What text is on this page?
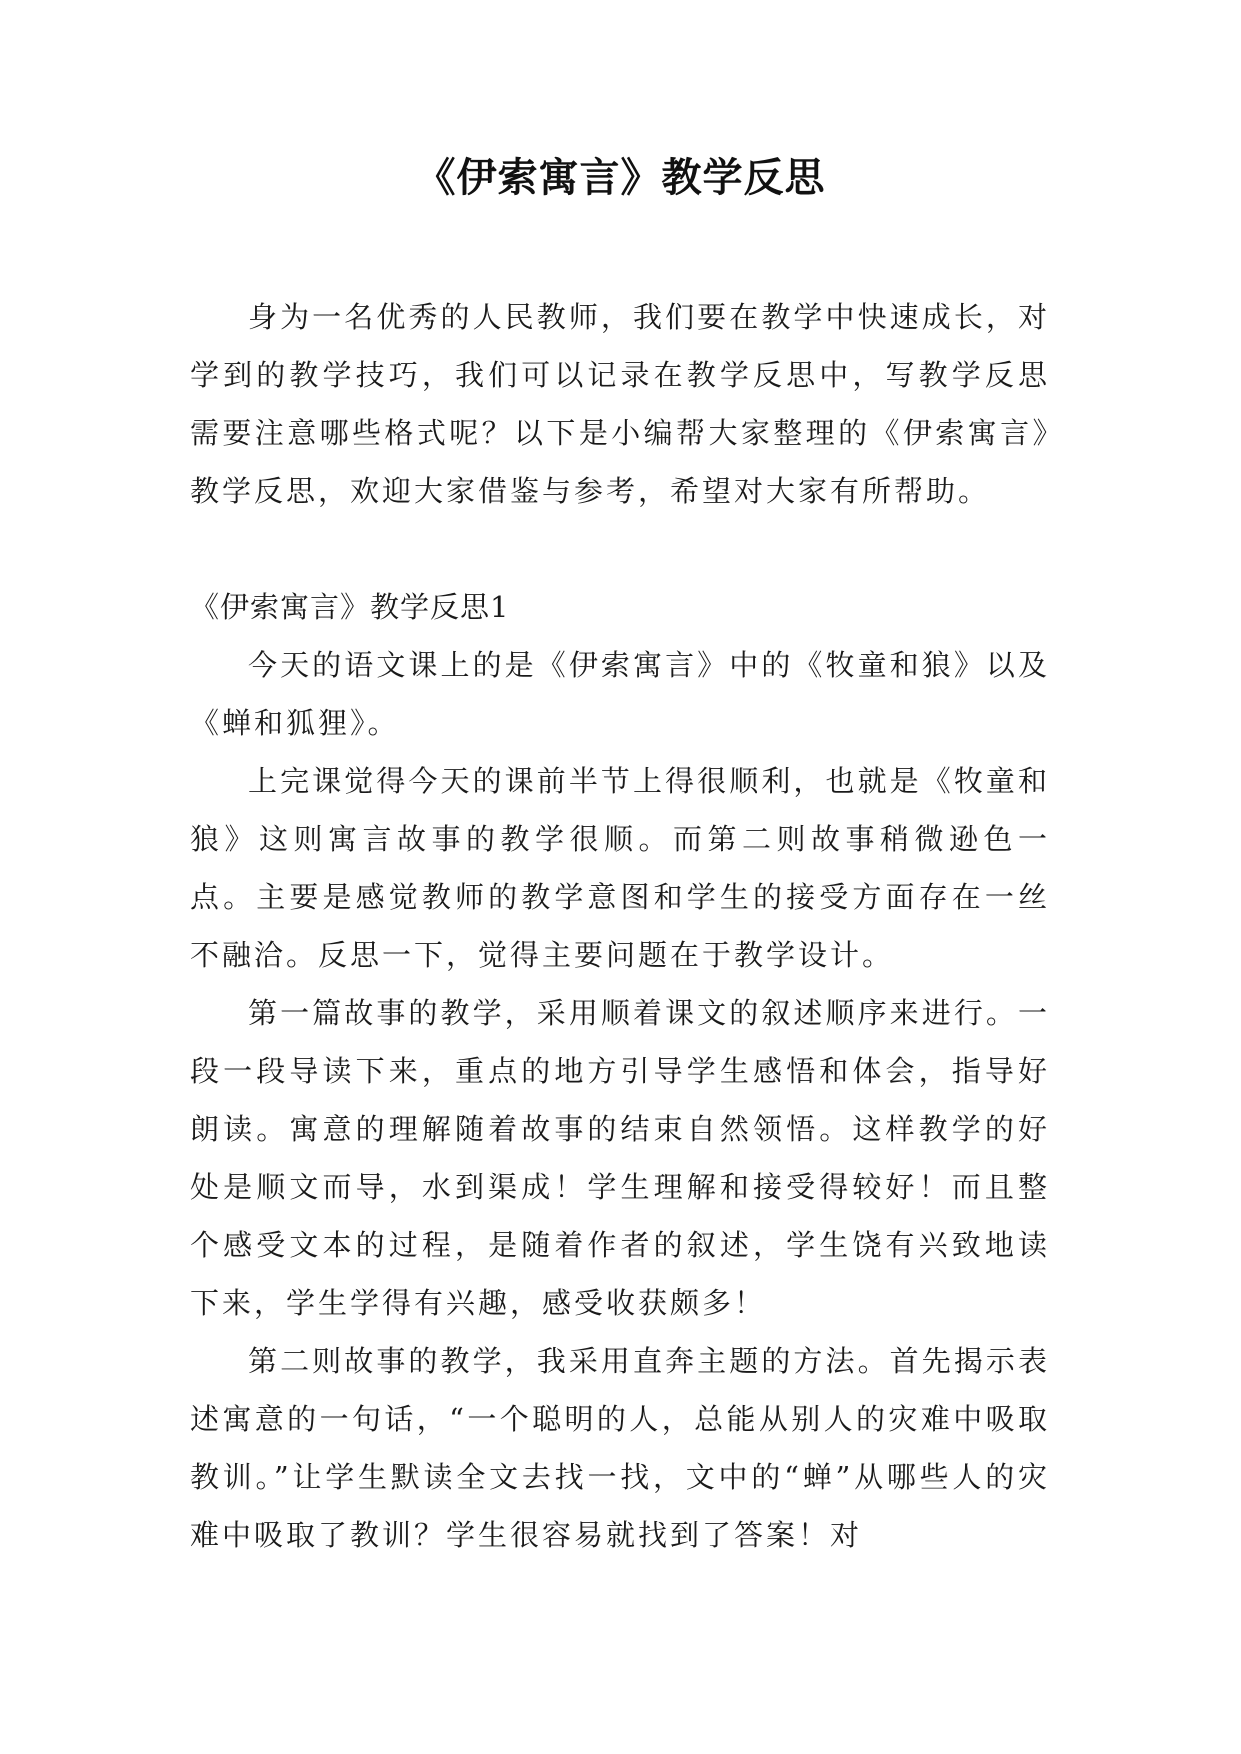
《伊索寓言》教学反思

身为一名优秀的人民教师，我们要在教学中快速成长，对学到的教学技巧，我们可以记录在教学反思中，写教学反思需要注意哪些格式呢？以下是小编帮大家整理的《伊索寓言》教学反思，欢迎大家借鉴与参考，希望对大家有所帮助。

《伊索寓言》教学反思1

今天的语文课上的是《伊索寓言》中的《牧童和狼》以及《蝉和狐狸》。

上完课觉得今天的课前半节上得很顺利，也就是《牧童和狼》这则寓言故事的教学很顺。而第二则故事稍微逊色一点。主要是感觉教师的教学意图和学生的接受方面存在一丝不融洽。反思一下，觉得主要问题在于教学设计。

第一篇故事的教学，采用顺着课文的叙述顺序来进行。一段一段导读下来，重点的地方引导学生感悟和体会，指导好朗读。寓意的理解随着故事的结束自然领悟。这样教学的好处是顺文而导，水到渠成！学生理解和接受得较好！而且整个感受文本的过程，是随着作者的叙述，学生饶有兴致地读下来，学生学得有兴趣，感受收获颇多！

第二则故事的教学，我采用直奔主题的方法。首先揭示表述寓意的一句话，“一个聪明的人，总能从别人的灾难中吸取教训。”让学生默读全文去找一找，文中的“蝉”从哪些人的灾难中吸取了教训？学生很容易就找到了答案！对
